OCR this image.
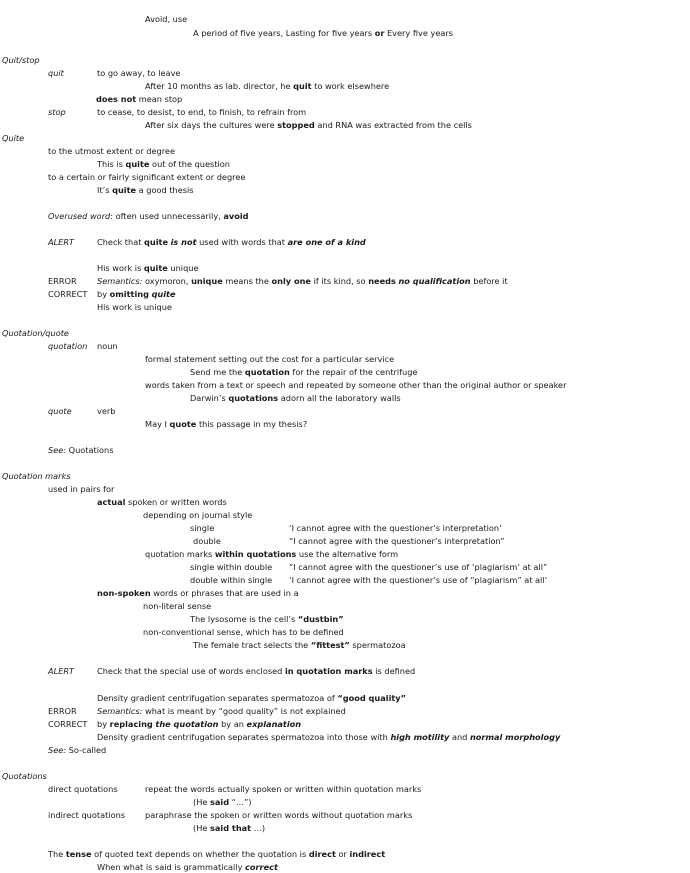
Avoid, use
A period of five years, Lasting for five years or Every five years
Quit/stop
quit	to go away, to leave
After 10 months as lab. director, he quit to work elsewhere
does not mean stop
stop	to cease, to desist, to end, to finish, to refrain from
After six days the cultures were stopped and RNA was extracted from the cells
Quite
to the utmost extent or degree
This is quite out of the question
to a certain or fairly significant extent or degree
It’s quite a good thesis
Overused word: often used unnecessarily, avoid
ALERT	Check that quite is not used with words that are one of a kind
His work is quite unique
ERROR Semantics: oxymoron, unique means the only one if its kind, so needs no qualification before it
CORRECT by omitting quite
His work is unique
Quotation/quote
quotation noun
formal statement setting out the cost for a particular service
Send me the quotation for the repair of the centrifuge
words taken from a text or speech and repeated by someone other than the original author or speaker
Darwin’s quotations adorn all the laboratory walls
quote	verb
May I quote this passage in my thesis?
See: Quotations
Quotation marks
used in pairs for
actual spoken or written words
depending on journal style
single	‘I cannot agree with the questioner’s interpretation’
double	“I cannot agree with the questioner’s interpretation”
quotation marks within quotations use the alternative form
single within double “I cannot agree with the questioner’s use of ‘plagiarism’ at all”
double within single ‘I cannot agree with the questioner’s use of “plagiarism” at all’
non-spoken words or phrases that are used in a
non-literal sense
The lysosome is the cell’s “dustbin”
non-conventional sense, which has to be defined
The female tract selects the “fittest” spermatozoa
ALERT	Check that the special use of words enclosed in quotation marks is defined
Density gradient centrifugation separates spermatozoa of “good quality”
ERROR Semantics: what is meant by “good quality” is not explained
CORRECT by replacing the quotation by an explanation
Density gradient centrifugation separates spermatozoa into those with high motility and normal morphology
See: So-called
Quotations
direct quotations	repeat the words actually spoken or written within quotation marks
(He said “…”)
indirect quotations paraphrase the spoken or written words without quotation marks
(He said that …)
The tense of quoted text depends on whether the quotation is direct or indirect
When what is said is grammatically correct
